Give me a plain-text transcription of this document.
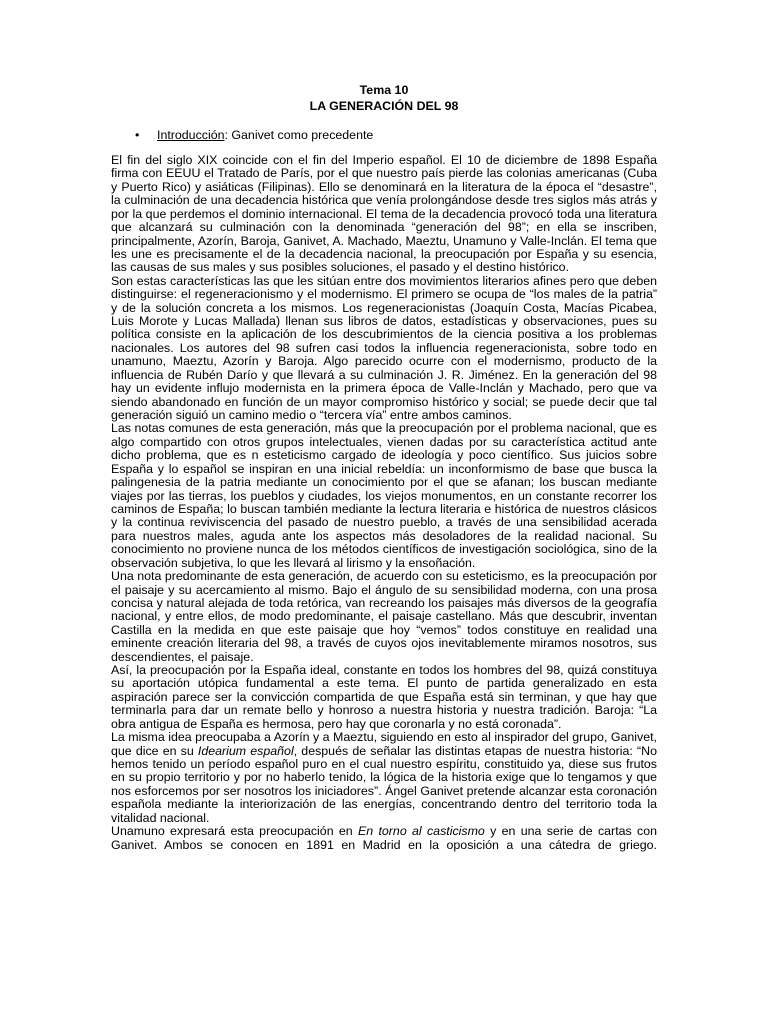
Tema 10
LA GENERACIÓN DEL 98
• Introducción: Ganivet como precedente

El fin del siglo XIX coincide con el fin del Imperio español. El 10 de diciembre de 1898 España firma con EEUU el Tratado de París, por el que nuestro país pierde las colonias americanas (Cuba y Puerto Rico) y asiáticas (Filipinas). Ello se denominará en la literatura de la época el “desastre”, la culminación de una decadencia histórica que venía prolongándose desde tres siglos más atrás y por la que perdemos el dominio internacional. El tema de la decadencia provocó toda una literatura que alcanzará su culminación con la denominada “generación del 98”; en ella se inscriben, principalmente, Azorín, Baroja, Ganivet, A. Machado, Maeztu, Unamuno y Valle-Inclán. El tema que les une es precisamente el de la decadencia nacional, la preocupación por España y su esencia, las causas de sus males y sus posibles soluciones, el pasado y el destino histórico.

Son estas características las que les sitúan entre dos movimientos literarios afines pero que deben distinguirse: el regeneracionismo y el modernismo. El primero se ocupa de “los males de la patria” y de la solución concreta a los mismos. Los regeneracionistas (Joaquín Costa, Macías Picabea, Luis Morote y Lucas Mallada) llenan sus libros de datos, estadísticas y observaciones, pues su política consiste en la aplicación de los descubrimientos de la ciencia positiva a los problemas nacionales. Los autores del 98 sufren casi todos la influencia regeneracionista, sobre todo en unamuno, Maeztu, Azorín y Baroja. Algo parecido ocurre con el modernismo, producto de la influencia de Rubén Darío y que llevará a su culminación J. R. Jiménez. En la generación del 98 hay un evidente influjo modernista en la primera época de Valle-Inclán y Machado, pero que va siendo abandonado en función de un mayor compromiso histórico y social; se puede decir que tal generación siguió un camino medio o “tercera vía” entre ambos caminos.

Las notas comunes de esta generación, más que la preocupación por el problema nacional, que es algo compartido con otros grupos intelectuales, vienen dadas por su característica actitud ante dicho problema, que es n esteticismo cargado de ideología y poco científico. Sus juicios sobre España y lo español se inspiran en una inicial rebeldía: un inconformismo de base que busca la palingenesia de la patria mediante un conocimiento por el que se afanan; los buscan mediante viajes por las tierras, los pueblos y ciudades, los viejos monumentos, en un constante recorrer los caminos de España; lo buscan también mediante la lectura literaria e histórica de nuestros clásicos y la continua reviviscencia del pasado de nuestro pueblo, a través de una sensibilidad acerada para nuestros males, aguda ante los aspectos más desoladores de la realidad nacional. Su conocimiento no proviene nunca de los métodos científicos de investigación sociológica, sino de la observación subjetiva, lo que les llevará al lirismo y la ensoñación.

Una nota predominante de esta generación, de acuerdo con su esteticismo, es la preocupación por el paisaje y su acercamiento al mismo. Bajo el ángulo de su sensibilidad moderna, con una prosa concisa y natural alejada de toda retórica, van recreando los paisajes más diversos de la geografía nacional, y entre ellos, de modo predominante, el paisaje castellano. Más que descubrir, inventan Castilla en la medida en que este paisaje que hoy “vemos” todos constituye en realidad una eminente creación literaria del 98, a través de cuyos ojos inevitablemente miramos nosotros, sus descendientes, el paisaje.

Así, la preocupación por la España ideal, constante en todos los hombres del 98, quizá constituya su aportación utópica fundamental a este tema. El punto de partida generalizado en esta aspiración parece ser la convicción compartida de que España está sin terminan, y que hay que terminarla para dar un remate bello y honroso a nuestra historia y nuestra tradición. Baroja: “La obra antigua de España es hermosa, pero hay que coronarla y no está coronada”.

La misma idea preocupaba a Azorín y a Maeztu, siguiendo en esto al inspirador del grupo, Ganivet, que dice en su Idearium español, después de señalar las distintas etapas de nuestra historia: “No hemos tenido un período español puro en el cual nuestro espíritu, constituido ya, diese sus frutos en su propio territorio y por no haberlo tenido, la lógica de la historia exige que lo tengamos y que nos esforcemos por ser nosotros los iniciadores”. Ángel Ganivet pretende alcanzar esta coronación española mediante la interiorización de las energías, concentrando dentro del territorio toda la vitalidad nacional.

Unamuno expresará esta preocupación en En torno al casticismo y en una serie de cartas con Ganivet. Ambos se conocen en 1891 en Madrid en la oposición a una cátedra de griego.
